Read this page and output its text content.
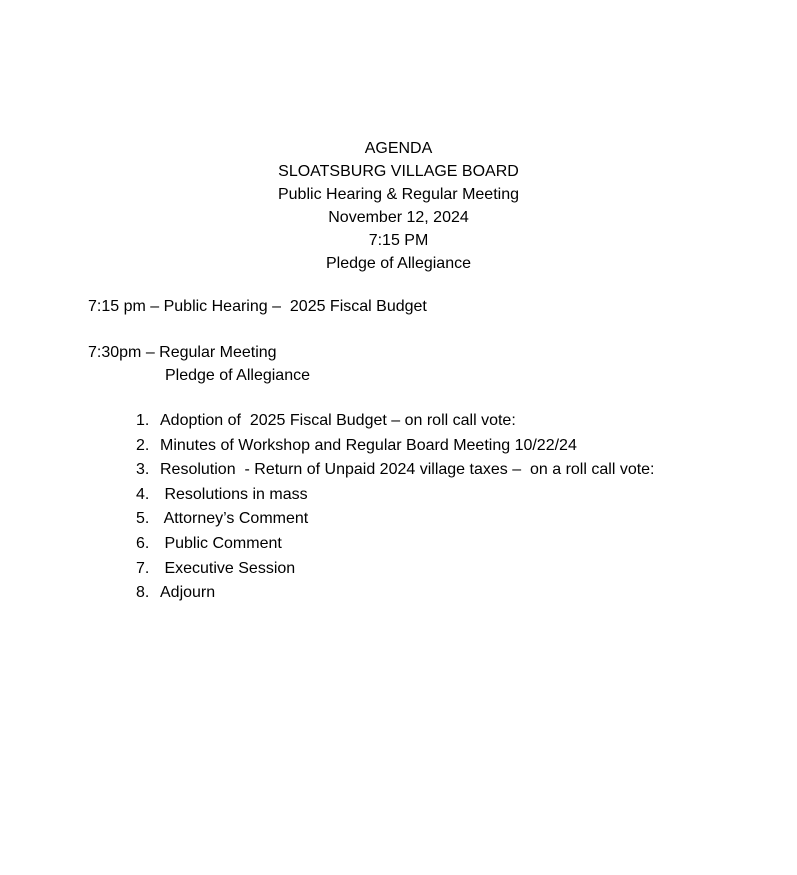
AGENDA
SLOATSBURG VILLAGE BOARD
Public Hearing & Regular Meeting
November 12, 2024
7:15 PM
Pledge of Allegiance
7:15 pm – Public Hearing –  2025 Fiscal Budget
7:30pm – Regular Meeting
Pledge of Allegiance
1. Adoption of  2025 Fiscal Budget – on roll call vote:
2. Minutes of Workshop and Regular Board Meeting 10/22/24
3. Resolution  - Return of Unpaid 2024 village taxes –  on a roll call vote:
4. Resolutions in mass
5. Attorney’s Comment
6. Public Comment
7. Executive Session
8. Adjourn
